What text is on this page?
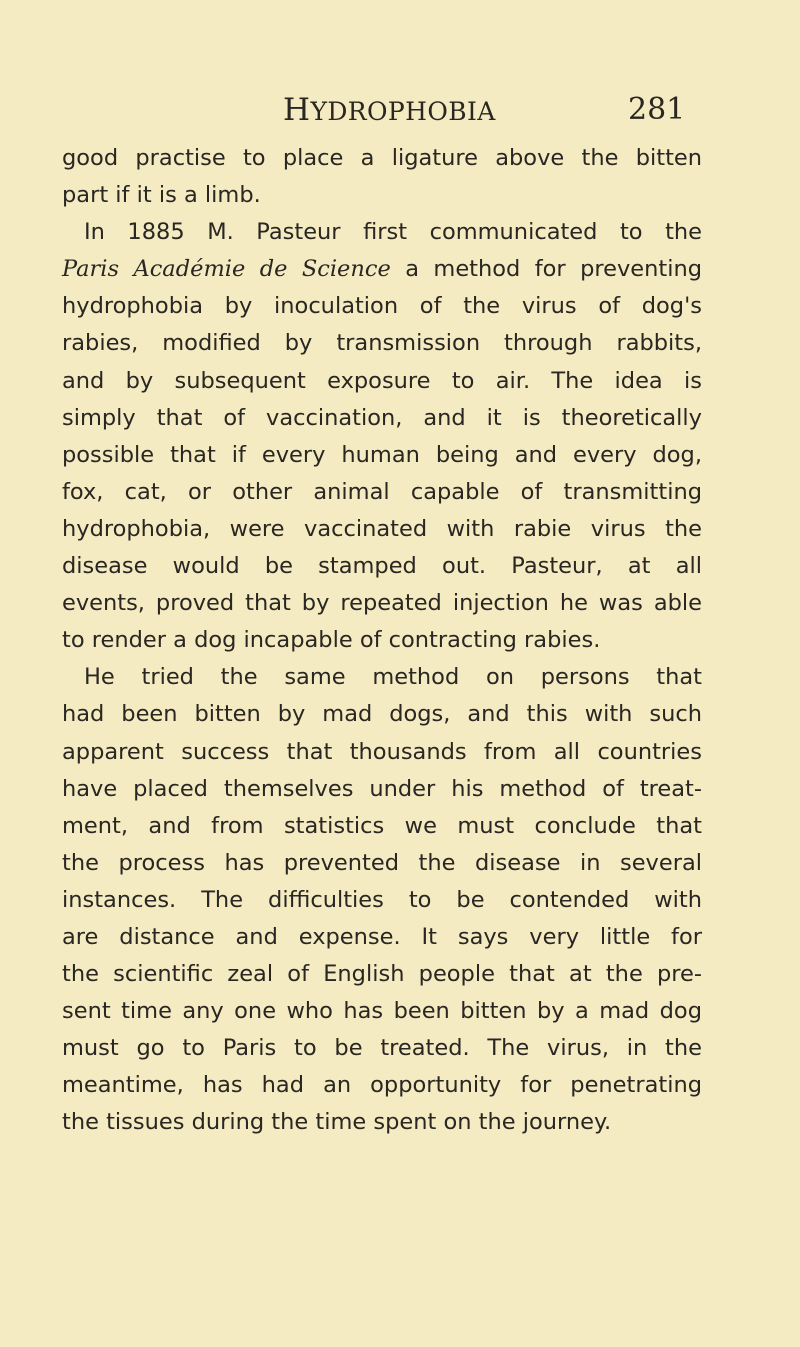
HYDROPHOBIA	281
good practise to place a ligature above the bitten
part if it is a limb.
In 1885 M. Pasteur first communicated to the
Paris Académie de Science a method for preventing
hydrophobia by inoculation of the virus of dog's
rabies, modified by transmission through rabbits,
and by subsequent exposure to air. The idea is
simply that of vaccination, and it is theoretically
possible that if every human being and every dog,
fox, cat, or other animal capable of transmitting
hydrophobia, were vaccinated with rabie virus the
disease would be stamped out. Pasteur, at all
events, proved that by repeated injection he was able
to render a dog incapable of contracting rabies.
He tried the same method on persons that
had been bitten by mad dogs, and this with such
apparent success that thousands from all countries
have placed themselves under his method of treat-
ment, and from statistics we must conclude that
the process has prevented the disease in several
instances. The difficulties to be contended with
are distance and expense. It says very little for
the scientific zeal of English people that at the pre-
sent time any one who has been bitten by a mad dog
must go to Paris to be treated. The virus, in the
meantime, has had an opportunity for penetrating
the tissues during the time spent on the journey.
